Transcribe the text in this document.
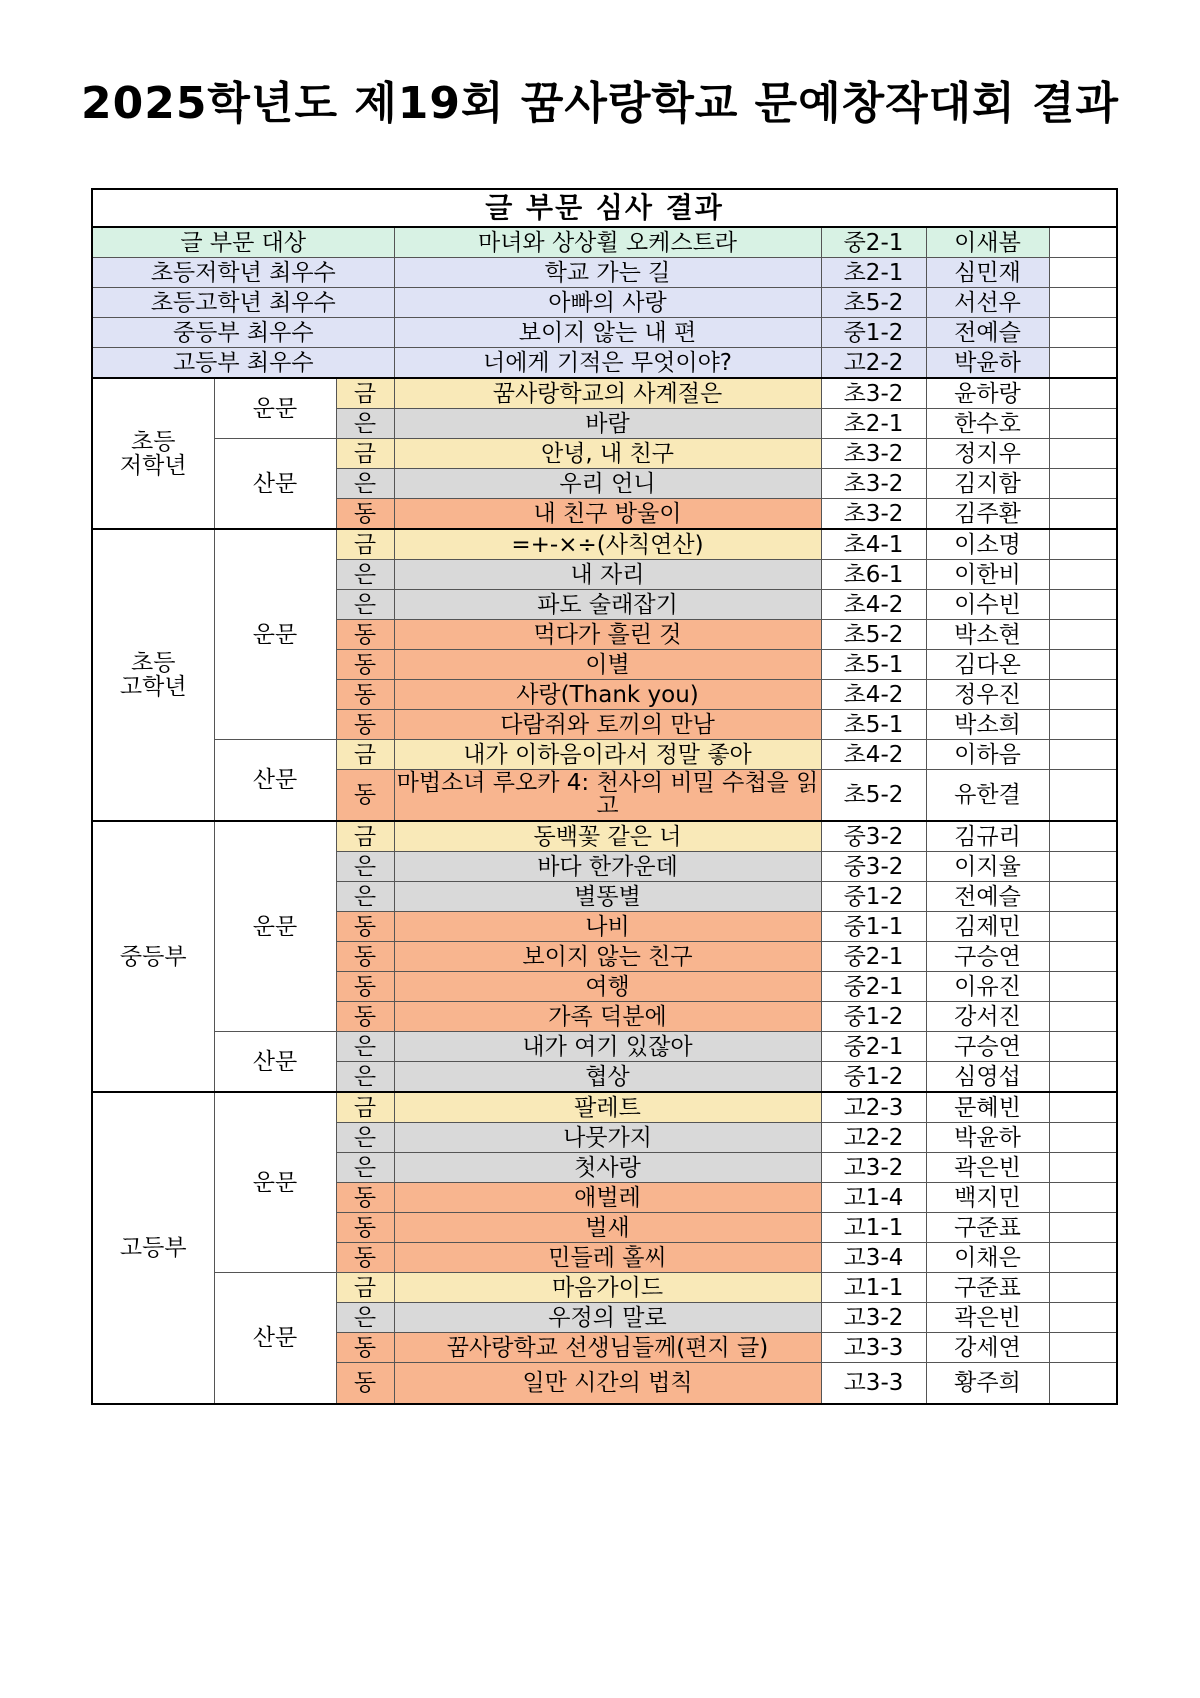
2025학년도 제19회 꿈사랑학교 문예창작대회 결과
글 부문 심사 결과						
글 부문 대상			마녀와 상상휠 오케스트라	중2-1	이새봄	
초등저학년 최우수			학교 가는 길	초2-1	심민재	
초등고학년 최우수			아빠의 사랑	초5-2	서선우	
중등부 최우수			보이지 않는 내 편	중1-2	전예슬	
고등부 최우수			너에게 기적은 무엇이야?	고2-2	박윤하	
초등
저학년	운문	금	꿈사랑학교의 사계절은	초3-2	윤하랑	
		은	바람	초2-1	한수호	
	산문	금	안녕, 내 친구	초3-2	정지우	
		은	우리 언니	초3-2	김지함	
		동	내 친구 방울이	초3-2	김주환	
초등
고학년	운문	금	=+-×÷(사칙연산)	초4-1	이소명	
		은	내 자리	초6-1	이한비	
		은	파도 술래잡기	초4-2	이수빈	
		동	먹다가 흘린 것	초5-2	박소현	
		동	이별	초5-1	김다온	
		동	사랑(Thank you)	초4-2	정우진	
		동	다람쥐와 토끼의 만남	초5-1	박소희	
	산문	금	내가 이하음이라서 정말 좋아	초4-2	이하음	
		동	마법소녀 루오카 4: 천사의 비밀 수첩을 읽고	초5-2	유한결	
중등부	운문	금	동백꽃 같은 너	중3-2	김규리	
		은	바다 한가운데	중3-2	이지율	
		은	별똥별	중1-2	전예슬	
		동	나비	중1-1	김제민	
		동	보이지 않는 친구	중2-1	구승연	
		동	여행	중2-1	이유진	
		동	가족 덕분에	중1-2	강서진	
	산문	은	내가 여기 있잖아	중2-1	구승연	
		은	협상	중1-2	심영섭	
고등부	운문	금	팔레트	고2-3	문혜빈	
		은	나뭇가지	고2-2	박윤하	
		은	첫사랑	고3-2	곽은빈	
		동	애벌레	고1-4	백지민	
		동	벌새	고1-1	구준표	
		동	민들레 홀씨	고3-4	이채은	
	산문	금	마음가이드	고1-1	구준표	
		은	우정의 말로	고3-2	곽은빈	
		동	꿈사랑학교 선생님들께(편지 글)	고3-3	강세연	
		동	일만 시간의 법칙	고3-3	황주희	
